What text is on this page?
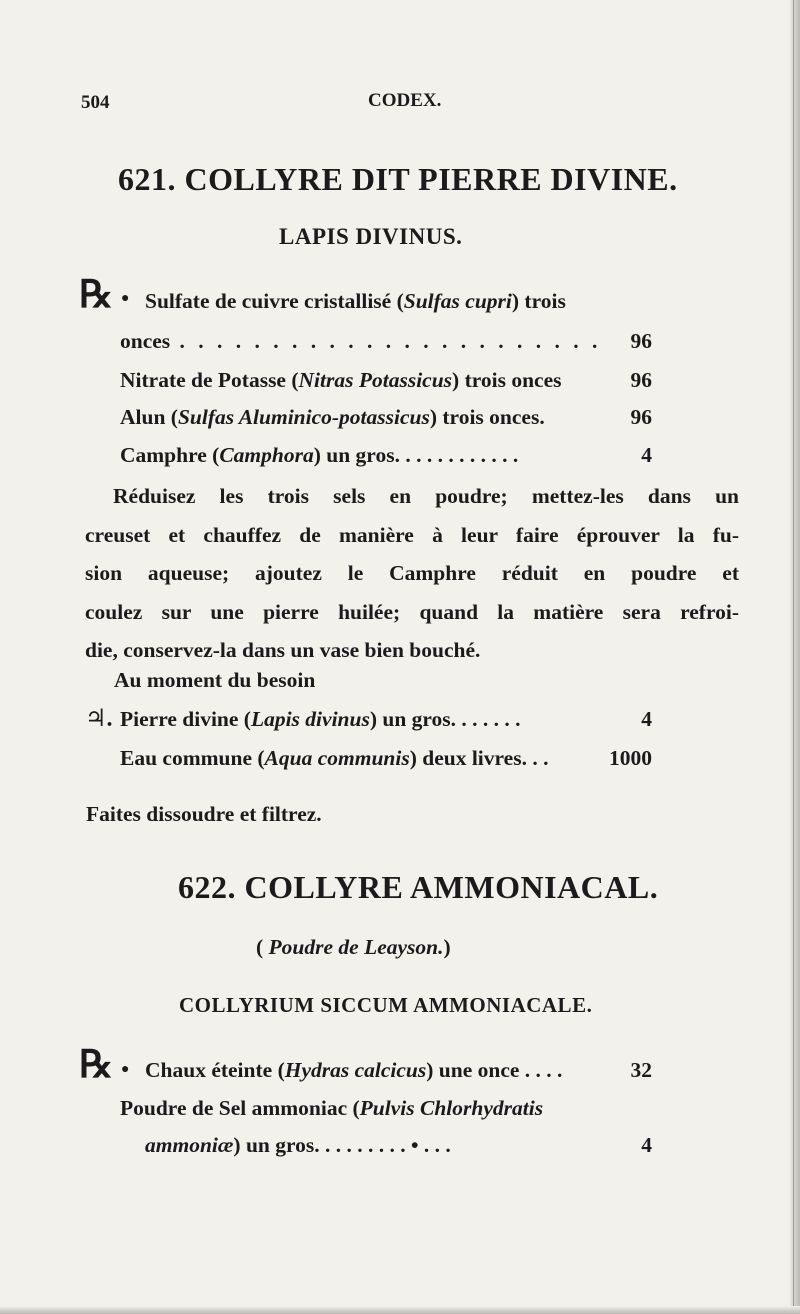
504	CODEX.
621. COLLYRE DIT PIERRE DIVINE.
LAPIS DIVINUS.
℞ ● Sulfate de cuivre cristallisé (Sulfas cupri) trois
onces . . . . . . . . . . . . . . . . . . . . . . . 96
Nitrate de Potasse (Nitras Potassicus) trois onces	96
Alun (Sulfas Aluminico-potassicus) trois onces.	96
Camphre (Camphora) un gros. . . . . . . . . . . .	4
Réduisez les trois sels en poudre; mettez-les dans un
creuset et chauffez de manière à leur faire éprouver la fu-
sion aqueuse; ajoutez le Camphre réduit en poudre et
coulez sur une pierre huilée; quand la matière sera refroi-
die, conservez-la dans un vase bien bouché.
Au moment du besoin
♃. Pierre divine (Lapis divinus) un gros. . . . . . .	4
Eau commune (Aqua communis) deux livres. . .	1000
Faites dissoudre et filtrez.
622. COLLYRE AMMONIACAL.
( Poudre de Leayson.)
COLLYRIUM SICCUM AMMONIACALE.
℞ ● Chaux éteinte (Hydras calcicus) une once . . . .	32
Poudre de Sel ammoniac (Pulvis Chlorhydratis
ammoniæ) un gros. . . . . . . . . • . . .	4
